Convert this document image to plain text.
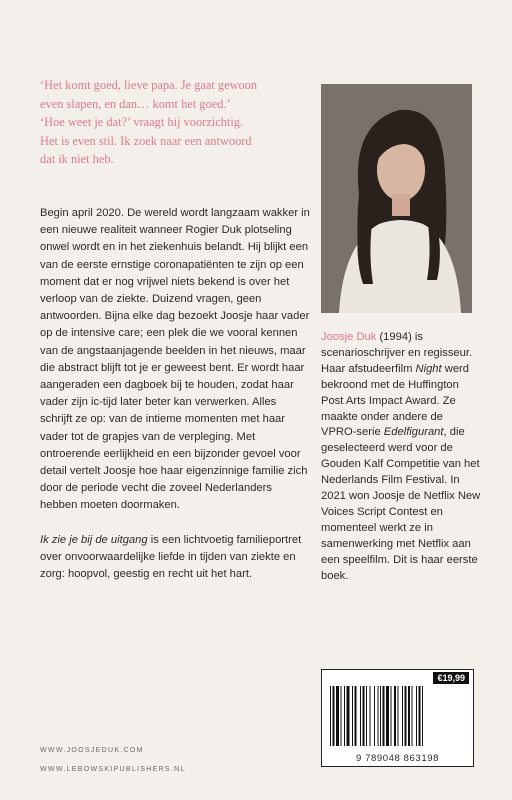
‘Het komt goed, lieve papa. Je gaat gewoon

even slapen, en dan… komt het goed.’

‘Hoe weet je dat?’ vraagt hij voorzichtig.

Het is even stil. Ik zoek naar een antwoord

dat ik niet heb.

Begin april 2020. De wereld wordt langzaam wakker in een nieuwe realiteit wanneer Rogier Duk plotseling onwel wordt en in het ziekenhuis belandt. Hij blijkt een van de eerste ernstige coronapatiënten te zijn op een moment dat er nog vrijwel niets bekend is over het verloop van de ziekte. Duizend vragen, geen antwoorden. Bijna elke dag bezoekt Joosje haar vader op de intensive care; een plek die we vooral kennen van de angstaanjagende beelden in het nieuws, maar die abstract blijft tot je er geweest bent. Er wordt haar aangeraden een dagboek bij te houden, zodat haar vader zijn ic-tijd later beter kan verwerken. Alles schrijft ze op: van de intieme momenten met haar vader tot de grapjes van de verpleging. Met ontroerende eerlijkheid en een bijzonder gevoel voor detail vertelt Joosje hoe haar eigenzinnige familie zich door de periode vecht die zoveel Nederlanders hebben moeten doormaken.

Ik zie je bij de uitgang is een lichtvoetig familieportret over onvoorwaardelijke liefde in tijden van ziekte en zorg: hoopvol, geestig en recht uit het hart.

Joosje Duk (1994) is scenarioschrijver en regisseur. Haar afstudeerfilm Night werd bekroond met de Huffington Post Arts Impact Award. Ze maakte onder andere de VPRO-serie Edelfigurant, die geselecteerd werd voor de Gouden Kalf Competitie van het Nederlands Film Festival. In 2021 won Joosje de Netflix New Voices Script Contest en momenteel werkt ze in samenwerking met Netflix aan een speelfilm. Dit is haar eerste boek.

€19,99
9 789048 863198
WWW.JOOSJEDUK.COM
WWW.LEBOWSKIPUBLISHERS.NL
